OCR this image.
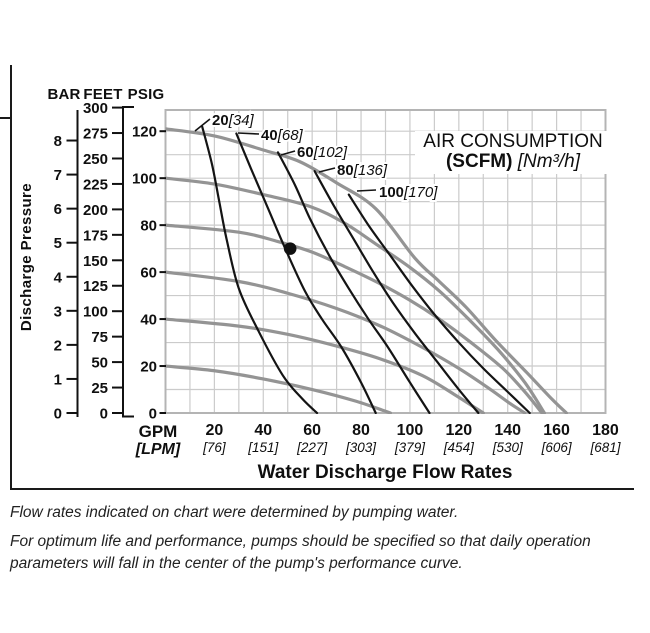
BAR FEET PSIG
Discharge Pressure
20[34]
40[68]
60[102]
80[136]
100[170]
8
7
6
5
4
3
2
1
0
300
275
250
225
200
175
150
125
100
75
50
25
0
120
100
80
60
40
20
0
20
[76]
40
[151]
60
[227]
80
[303]
100
[379]
120
[454]
140
[530]
160
[606]
180
[681]
GPM
[LPM]
AIR CONSUMPTION
(SCFM) [Nm³/h]
Water Discharge Flow Rates
Flow rates indicated on chart were determined by pumping water.
For optimum life and performance, pumps should be specified so that daily operation
parameters will fall in the center of the pump's performance curve.
